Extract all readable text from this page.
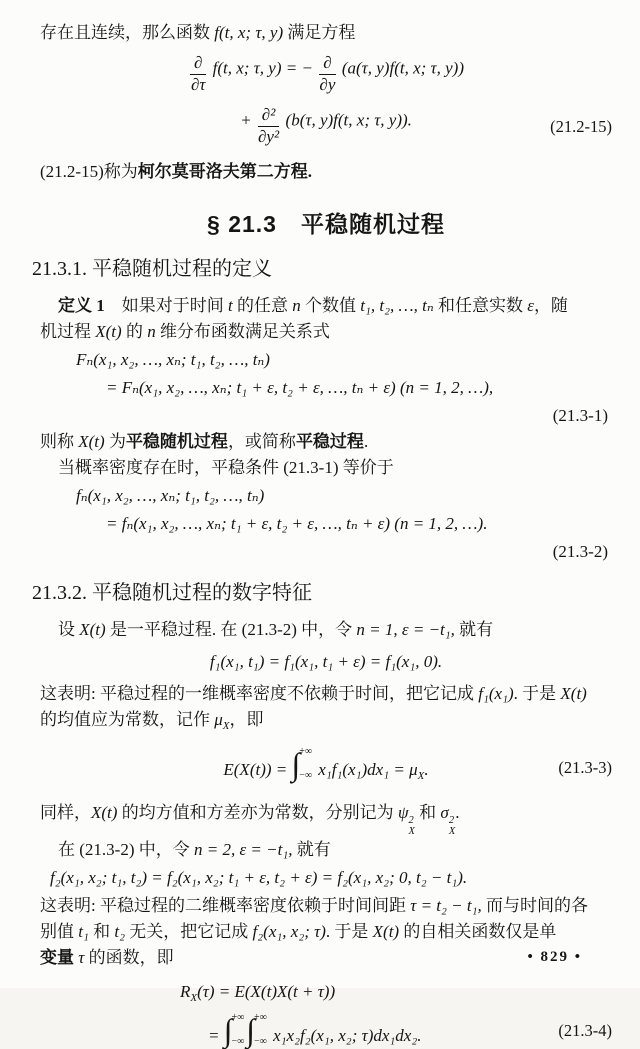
存在且连续，那么函数 f(t, x; τ, y) 满足方程
$\frac{\partial}{\partial\tau} f(t$, x; τ, y) = − $\frac{\partial}{\partial y} (a(\tau$, y)f(t, x; τ, y))
+ $\frac{\text{∂²}}{\text{∂y²}} (b(\tau$, y)f(t, x; τ, y)).	(21.2-15)
(21.2-15)称为柯尔莫哥洛夫第二方程.
§ 21.3　平稳随机过程
21.3.1. 平稳随机过程的定义
定义 1　如果对于时间 t 的任意 n 个数值 t₁, t₂, …, tₙ 和任意实数 ε，随
机过程 X(t) 的 n 维分布函数满足关系式
Fₙ(x₁, x₂, …, xₙ; t₁, t₂, …, tₙ)
= Fₙ(x₁, x₂, …, xₙ; t₁ + ε, t₂ + ε, …, tₙ + ε) (n = 1, 2, …),
(21.3-1)
则称 X(t) 为平稳随机过程，或简称平稳过程.
当概率密度存在时，平稳条件 (21.3-1) 等价于
fₙ(x₁, x₂, …, xₙ; t₁, t₂, …, tₙ)
= fₙ(x₁, x₂, …, xₙ; t₁ + ε, t₂ + ε, …, tₙ + ε) (n = 1, 2, …).
(21.3-2)
21.3.2. 平稳随机过程的数字特征
设 X(t) 是一平稳过程. 在 (21.3-2) 中，令 n = 1, ε = −t₁, 就有
f₁(x₁, t₁) = f₁(x₁, t₁ + ε) = f₁(x₁, 0).
这表明: 平稳过程的一维概率密度不依赖于时间，把它记成 f₁(x₁). 于是 X(t)
的均值应为常数，记作 $\mu_X$，即
E(X(t)) = ∫ +∞
−∞ $x_1f_1(x_1)dx_1 = \mu_X$.	(21.3-3)
同样，X(t) 的均方值和方差亦为常数，分别记为 ψ 2
X
和 σ 2
X
.
在 (21.3-2) 中，令 n = 2, ε = −t₁, 就有
f₂(x₁, x₂; t₁, t₂) = f₂(x₁, x₂; t₁ + ε, t₂ + ε) = f₂(x₁, x₂; 0, t₂ − t₁).
这表明: 平稳过程的二维概率密度依赖于时间间距 τ = t₂ − t₁, 而与时间的各
别值 t₁ 和 t₂ 无关，把它记成 f₂(x₁, x₂; τ). 于是 X(t) 的自相关函数仅是单
变量 τ 的函数，即
$R_X(\tau) = E(X(t)X(t + \tau))$
= ∫ +∞
−∞ ∫ +∞
−∞ x₁x₂f₂(x₁, x₂; τ)dx₁dx₂.	(21.3-4)
• 829 •
